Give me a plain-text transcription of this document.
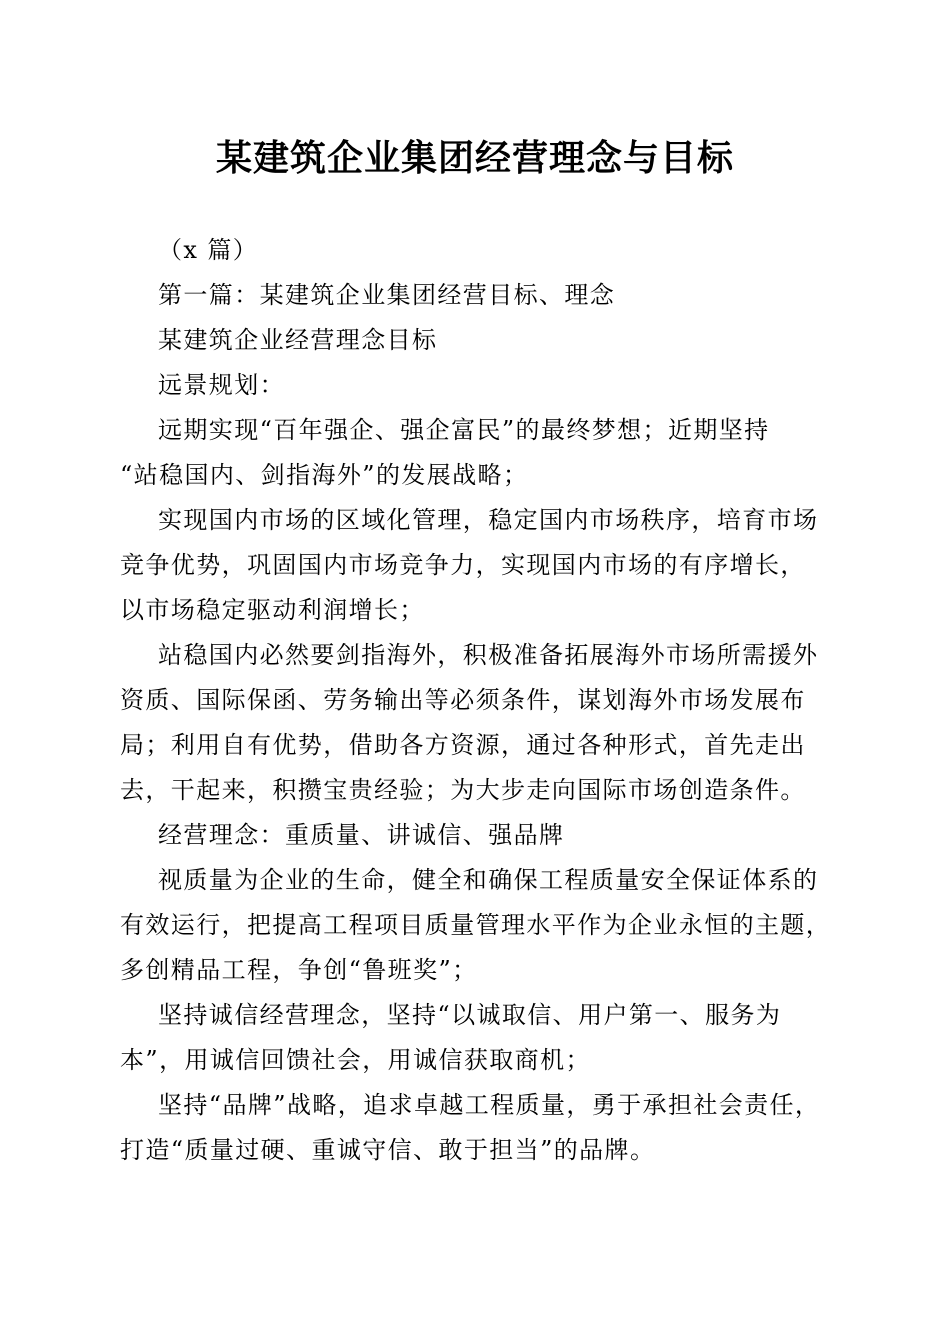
某建筑企业集团经营理念与目标
（x 篇）
第一篇：某建筑企业集团经营目标、理念
某建筑企业经营理念目标
远景规划：
远期实现“百年强企、强企富民”的最终梦想；近期坚持
“站稳国内、剑指海外”的发展战略；
实现国内市场的区域化管理，稳定国内市场秩序，培育市场
竞争优势，巩固国内市场竞争力，实现国内市场的有序增长，
以市场稳定驱动利润增长；
站稳国内必然要剑指海外，积极准备拓展海外市场所需援外
资质、国际保函、劳务输出等必须条件，谋划海外市场发展布
局；利用自有优势，借助各方资源，通过各种形式，首先走出
去，干起来，积攒宝贵经验；为大步走向国际市场创造条件。
经营理念：重质量、讲诚信、强品牌
视质量为企业的生命，健全和确保工程质量安全保证体系的
有效运行，把提高工程项目质量管理水平作为企业永恒的主题，
多创精品工程，争创“鲁班奖”；
坚持诚信经营理念，坚持“以诚取信、用户第一、服务为
本”，用诚信回馈社会，用诚信获取商机；
坚持“品牌”战略，追求卓越工程质量，勇于承担社会责任，
打造“质量过硬、重诚守信、敢于担当”的品牌。
